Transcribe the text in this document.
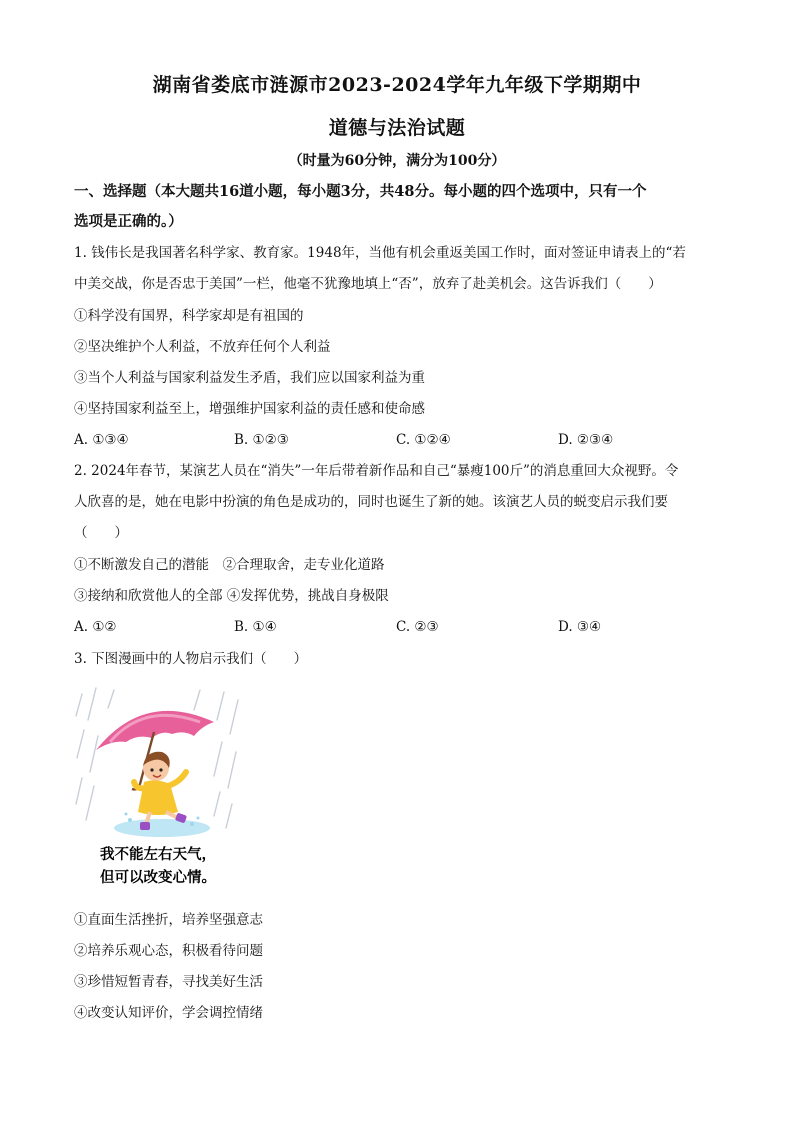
湖南省娄底市涟源市2023-2024学年九年级下学期期中
道德与法治试题
（时量为60分钟，满分为100分）
一、选择题（本大题共16道小题，每小题3分，共48分。每小题的四个选项中，只有一个
选项是正确的。）
1. 钱伟长是我国著名科学家、教育家。1948年，当他有机会重返美国工作时，面对签证申请表上的“若
中美交战，你是否忠于美国”一栏，他毫不犹豫地填上“否”，放弃了赴美机会。这告诉我们（　　）
①科学没有国界，科学家却是有祖国的
②坚决维护个人利益，不放弃任何个人利益
③当个人利益与国家利益发生矛盾，我们应以国家利益为重
④坚持国家利益至上，增强维护国家利益的责任感和使命感
A. ①③④	B. ①②③	C. ①②④	D. ②③④
2. 2024年春节，某演艺人员在“消失”一年后带着新作品和自己“暴瘦100斤”的消息重回大众视野。令
人欣喜的是，她在电影中扮演的角色是成功的，同时也诞生了新的她。该演艺人员的蜕变启示我们要
（　　）
①不断激发自己的潜能　②合理取舍，走专业化道路
③接纳和欣赏他人的全部 ④发挥优势，挑战自身极限
A. ①②	B. ①④	C. ②③	D. ③④
3. 下图漫画中的人物启示我们（　　）
我不能左右天气，
但可以改变心情。
①直面生活挫折，培养坚强意志
②培养乐观心态，积极看待问题
③珍惜短暂青春，寻找美好生活
④改变认知评价，学会调控情绪
